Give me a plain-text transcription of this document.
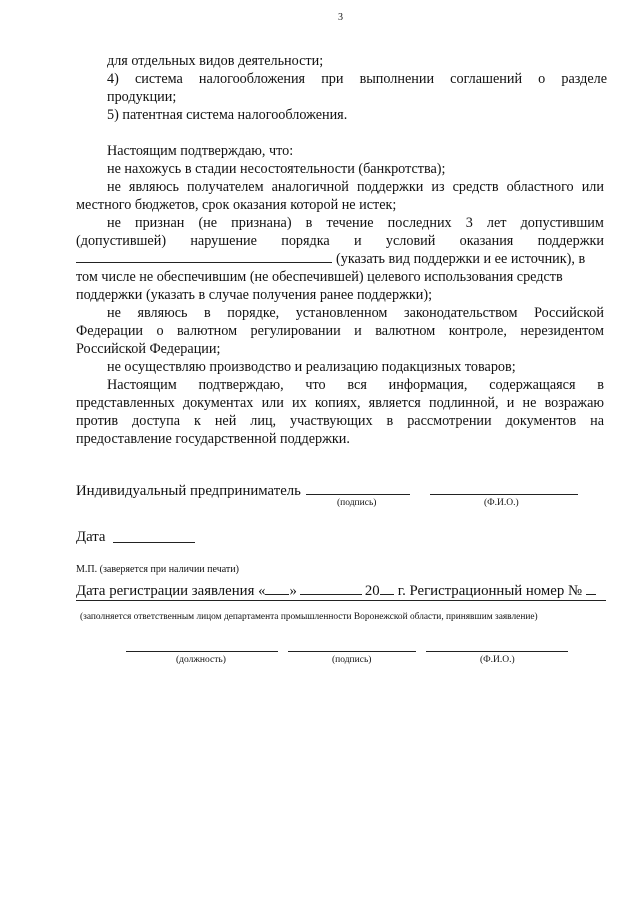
3
для отдельных видов деятельности;
4) система налогообложения при выполнении соглашений о разделе
продукции;
5) патентная система налогообложения.
Настоящим подтверждаю, что:
не нахожусь в стадии несостоятельности (банкротства);
не являюсь получателем аналогичной поддержки из средств областного или
местного бюджетов, срок оказания которой не истек;
не признан (не признана) в течение последних 3 лет допустившим
(допустившей) нарушение порядка и условий оказания поддержки
(указать вид поддержки и ее источник), в
том числе не обеспечившим (не обеспечившей) целевого использования средств
поддержки (указать в случае получения ранее поддержки);
не являюсь в порядке, установленном законодательством Российской
Федерации о валютном регулировании и валютном контроле, нерезидентом
Российской Федерации;
не осуществляю производство и реализацию подакцизных товаров;
Настоящим подтверждаю, что вся информация, содержащаяся в
представленных документах или их копиях, является подлинной, и не возражаю
против доступа к ней лиц, участвующих в рассмотрении документов на
предоставление государственной поддержки.
Индивидуальный предприниматель
(подпись)	(Ф.И.О.)
Дата
М.П. (заверяется при наличии печати)
Дата регистрации заявления « »	20 г. Регистрационный номер №
(заполняется ответственным лицом департамента промышленности Воронежской области, принявшим заявление)
(должность)	(подпись)	(Ф.И.О.)
